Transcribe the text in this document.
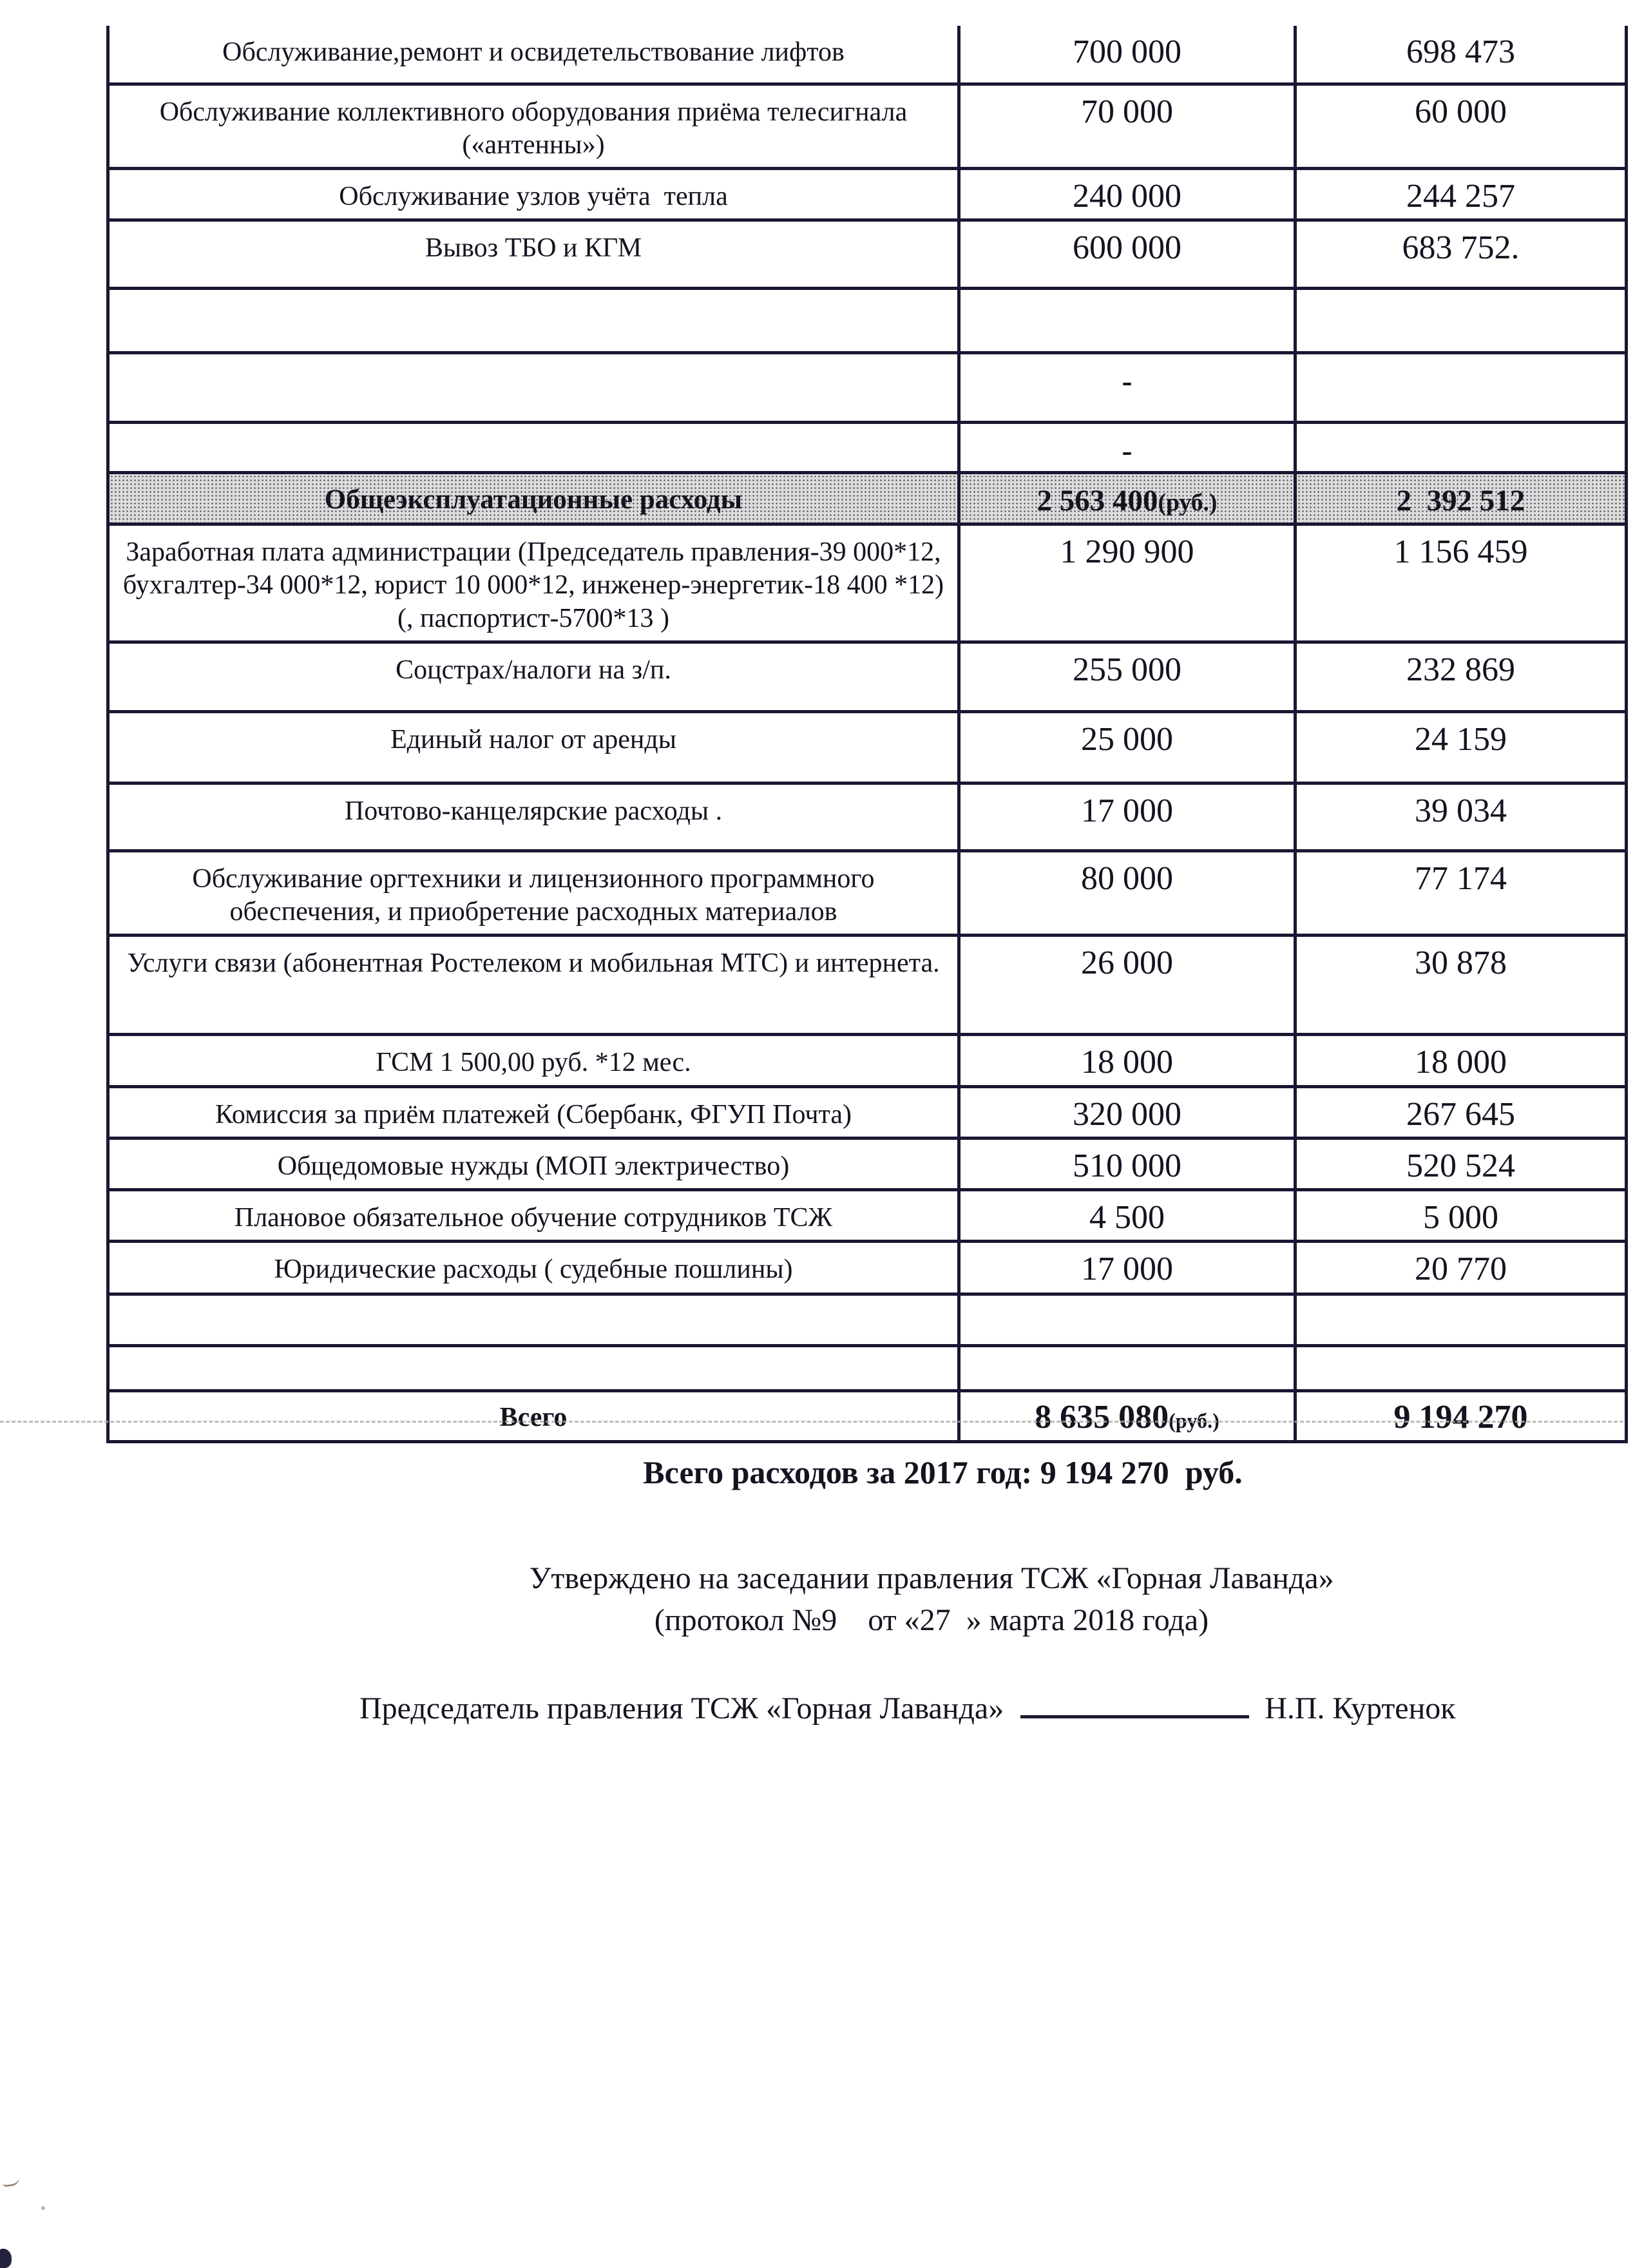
Обслуживание,ремонт и освидетельствование лифтов	700 000	698 473
Обслуживание коллективного оборудования приёма телесигнала («антенны»)	70 000	60 000
Обслуживание узлов учёта  тепла	240 000	244 257
Вывоз ТБО и КГМ	600 000	683 752.

	-	
	-	
Общеэксплуатационные расходы	2 563 400(руб.)	2  392 512
Заработная плата администрации (Председатель правления-39 000*12, бухгалтер-34 000*12, юрист 10 000*12, инженер-энергетик-18 400 *12) (, паспортист-5700*13 )	1 290 900	1 156 459
Соцстрах/налоги на з/п.	255 000	232 869
Единый налог от аренды	25 000	24 159
Почтово-канцелярские расходы .	17 000	39 034
Обслуживание оргтехники и лицензионного программного обеспечения, и приобретение расходных материалов	80 000	77 174
Услуги связи (абонентная Ростелеком и мобильная МТС) и интернета.	26 000	30 878
ГСМ 1 500,00 руб. *12 мес.	18 000	18 000
Комиссия за приём платежей (Сбербанк, ФГУП Почта)	320 000	267 645
Общедомовые нужды (МОП электричество)	510 000	520 524
Плановое обязательное обучение сотрудников ТСЖ	4 500	5 000
Юридические расходы ( судебные пошлины)	17 000	20 770

Всего	8 635 080(руб.)	9 194 270
Всего расходов за 2017 год: 9 194 270  руб.
Утверждено на заседании правления ТСЖ «Горная Лаванда»
(протокол №9    от «27  » марта 2018 года)
Председатель правления ТСЖ «Горная Лаванда»	Н.П. Куртенок
